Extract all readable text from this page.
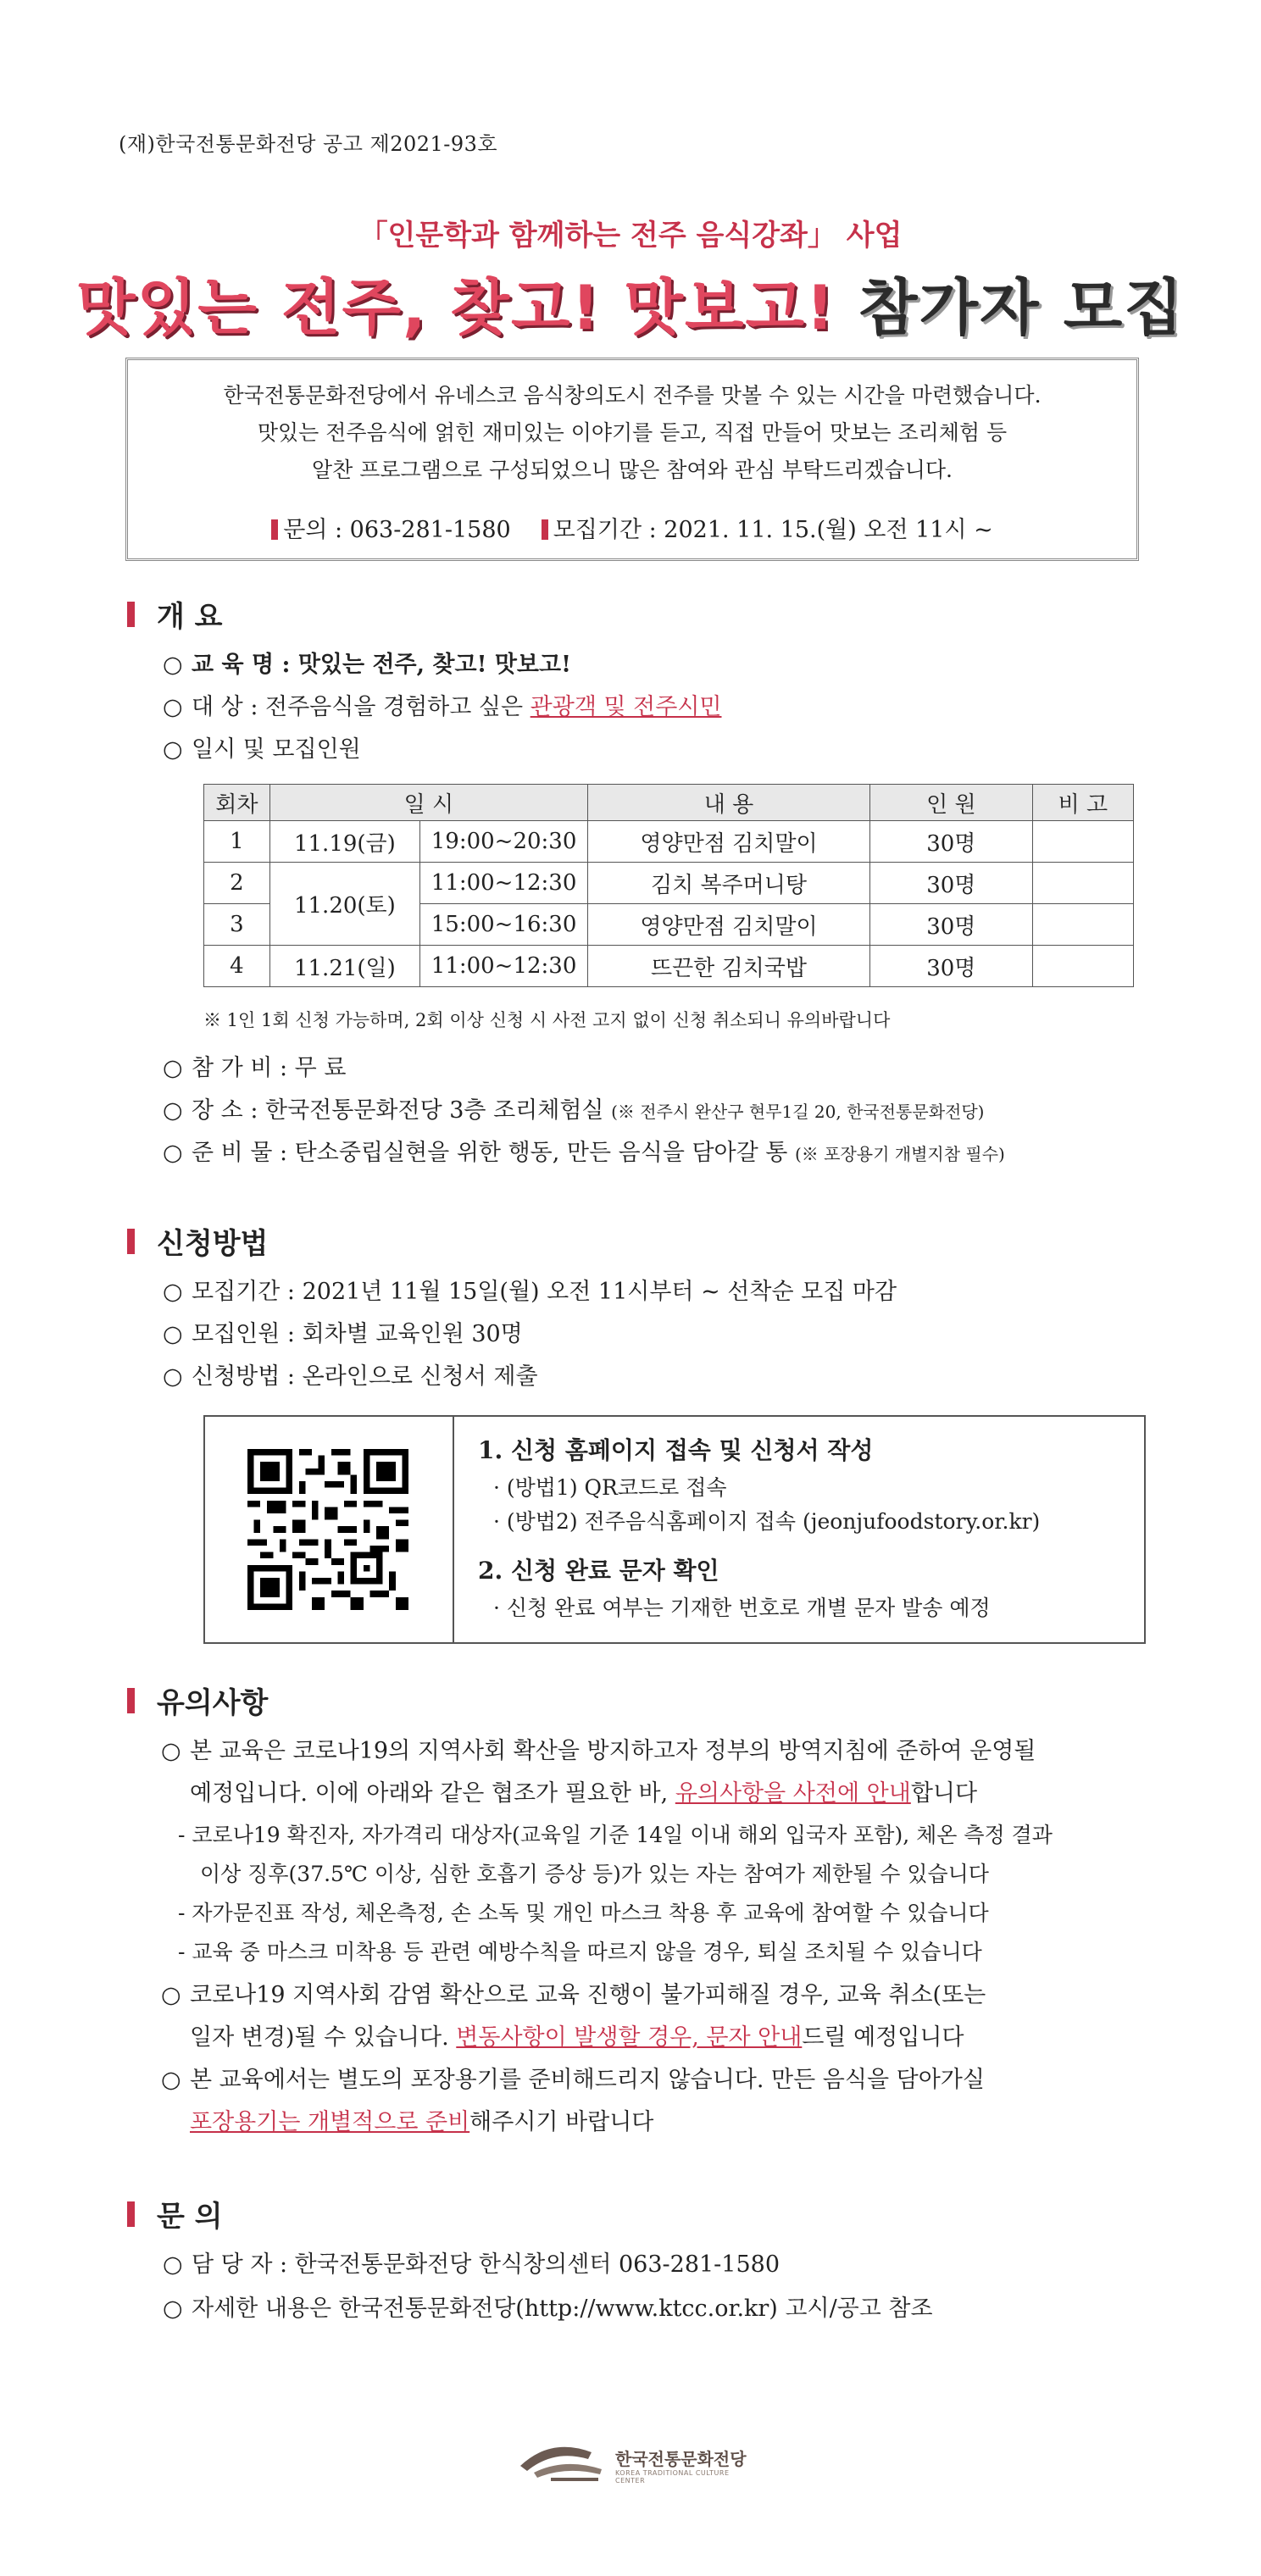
(재)한국전통문화전당 공고 제2021-93호
「인문학과 함께하는 전주 음식강좌」 사업
맛있는 전주, 찾고! 맛보고! 참가자 모집
한국전통문화전당에서 유네스코 음식창의도시 전주를 맛볼 수 있는 시간을 마련했습니다.
맛있는 전주음식에 얽힌 재미있는 이야기를 듣고, 직접 만들어 맛보는 조리체험 등
알찬 프로그램으로 구성되었으니 많은 참여와 관심 부탁드리겠습니다.
문의 : 063-281-1580 모집기간 : 2021. 11. 15.(월) 오전 11시 ~
개 요
○ 교 육 명 : 맛있는 전주, 찾고! 맛보고!
○ 대 상 : 전주음식을 경험하고 싶은 관광객 및 전주시민
○ 일시 및 모집인원
회차	일 시		내 용	인 원	비 고
1	11.19(금)	19:00~20:30	영양만점 김치말이	30명	
2	11.20(토)	11:00~12:30	김치 복주머니탕	30명	
3		15:00~16:30	영양만점 김치말이	30명	
4	11.21(일)	11:00~12:30	뜨끈한 김치국밥	30명	
※ 1인 1회 신청 가능하며, 2회 이상 신청 시 사전 고지 없이 신청 취소되니 유의바랍니다
○ 참 가 비 : 무 료
○ 장 소 : 한국전통문화전당 3층 조리체험실 (※ 전주시 완산구 현무1길 20, 한국전통문화전당)
○ 준 비 물 : 탄소중립실현을 위한 행동, 만든 음식을 담아갈 통 (※ 포장용기 개별지참 필수)
신청방법
○ 모집기간 : 2021년 11월 15일(월) 오전 11시부터 ~ 선착순 모집 마감
○ 모집인원 : 회차별 교육인원 30명
○ 신청방법 : 온라인으로 신청서 제출
1. 신청 홈페이지 접속 및 신청서 작성
· (방법1) QR코드로 접속
· (방법2) 전주음식홈페이지 접속 (jeonjufoodstory.or.kr)
2. 신청 완료 문자 확인
· 신청 완료 여부는 기재한 번호로 개별 문자 발송 예정
유의사항
○ 본 교육은 코로나19의 지역사회 확산을 방지하고자 정부의 방역지침에 준하여 운영될
예정입니다. 이에 아래와 같은 협조가 필요한 바, 유의사항을 사전에 안내합니다
- 코로나19 확진자, 자가격리 대상자(교육일 기준 14일 이내 해외 입국자 포함), 체온 측정 결과
이상 징후(37.5℃ 이상, 심한 호흡기 증상 등)가 있는 자는 참여가 제한될 수 있습니다
- 자가문진표 작성, 체온측정, 손 소독 및 개인 마스크 착용 후 교육에 참여할 수 있습니다
- 교육 중 마스크 미착용 등 관련 예방수칙을 따르지 않을 경우, 퇴실 조치될 수 있습니다
○ 코로나19 지역사회 감염 확산으로 교육 진행이 불가피해질 경우, 교육 취소(또는
일자 변경)될 수 있습니다. 변동사항이 발생할 경우, 문자 안내드릴 예정입니다
○ 본 교육에서는 별도의 포장용기를 준비해드리지 않습니다. 만든 음식을 담아가실
포장용기는 개별적으로 준비해주시기 바랍니다
문 의
○ 담 당 자 : 한국전통문화전당 한식창의센터 063-281-1580
○ 자세한 내용은 한국전통문화전당(http://www.ktcc.or.kr) 고시/공고 참조
한국전통문화전당
KOREA TRADITIONAL CULTURE CENTER
